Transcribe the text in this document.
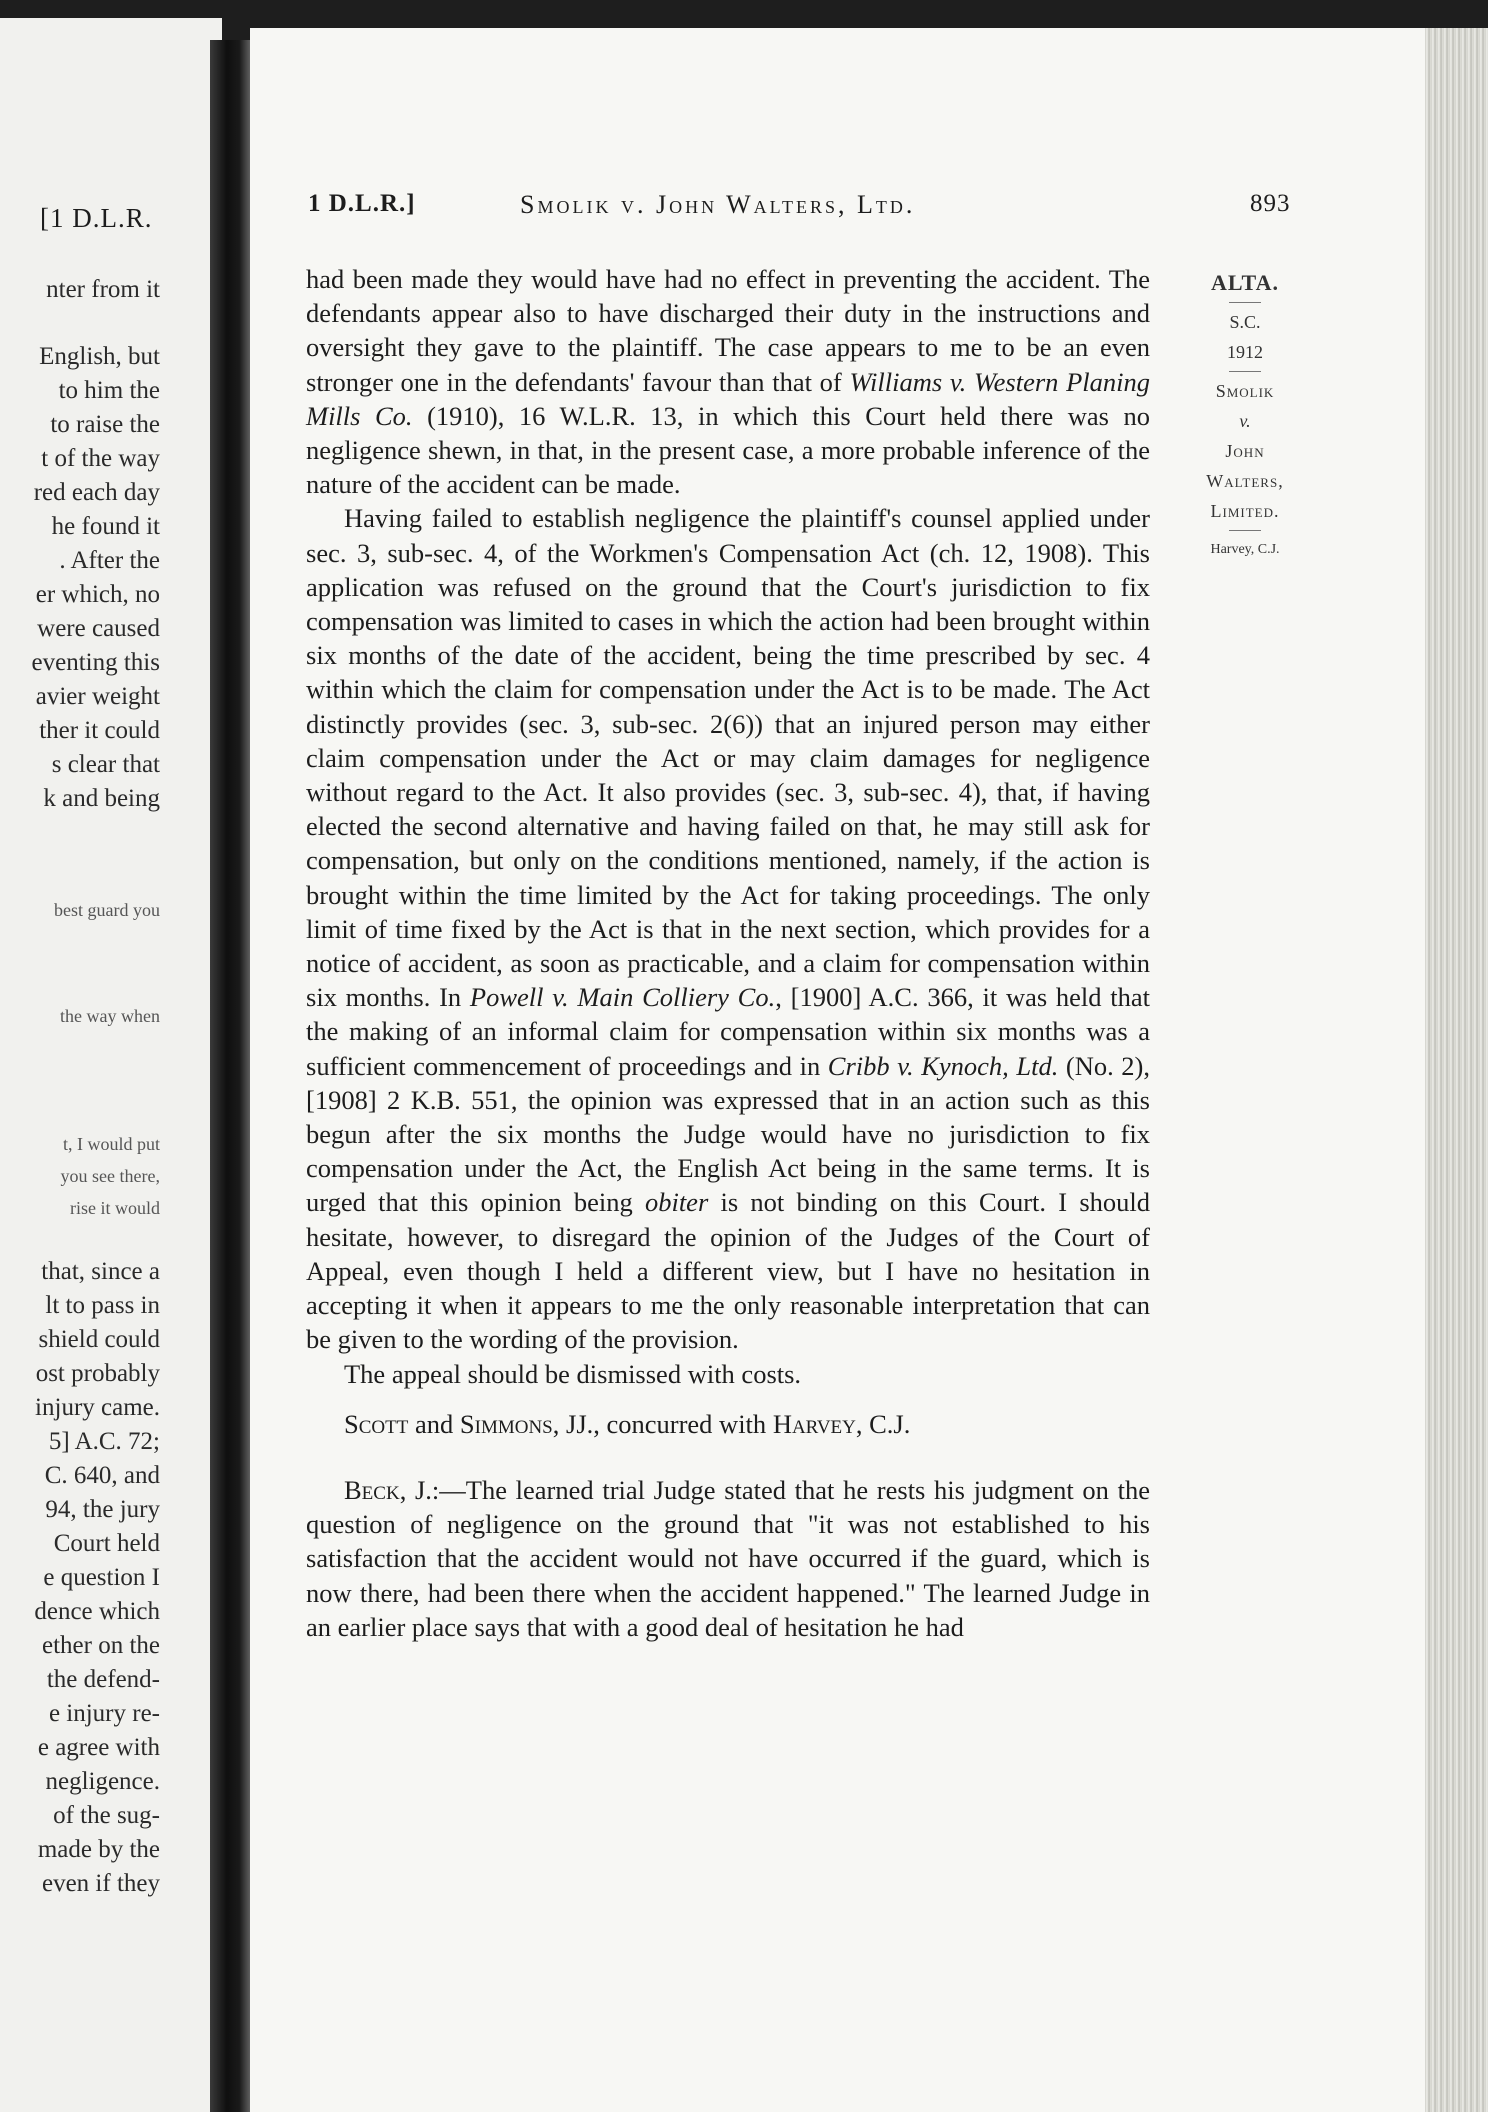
[1 D.L.R.
nter from it
English, but
to him the
to raise the
t of the way
red each day
he found it
. After the
er which, no
were caused
eventing this
avier weight
ther it could
s clear that
k and being
best guard you
the way when
t, I would put
you see there,
rise it would
that, since a
lt to pass in
shield could
ost probably
injury came.
5] A.C. 72;
C. 640, and
94, the jury
Court held
e question I
dence which
ether on the
the defend-
e injury re-
e agree with
negligence.
of the sug-
made by the
even if they
1 D.L.R.]	Smolik v. John Walters, Ltd.	893
ALTA.
S.C.
1912
Smolik
v.
John
Walters,
Limited.
Harvey, C.J.

had been made they would have had no effect in preventing the accident. The defendants appear also to have discharged their duty in the instructions and oversight they gave to the plaintiff. The case appears to me to be an even stronger one in the defendants' favour than that of Williams v. Western Planing Mills Co. (1910), 16 W.L.R. 13, in which this Court held there was no negligence shewn, in that, in the present case, a more probable inference of the nature of the accident can be made.

Having failed to establish negligence the plaintiff's counsel applied under sec. 3, sub-sec. 4, of the Workmen's Compensation Act (ch. 12, 1908). This application was refused on the ground that the Court's jurisdiction to fix compensation was limited to cases in which the action had been brought within six months of the date of the accident, being the time prescribed by sec. 4 within which the claim for compensation under the Act is to be made. The Act distinctly provides (sec. 3, sub-sec. 2(6)) that an injured person may either claim compensation under the Act or may claim damages for negligence without regard to the Act. It also provides (sec. 3, sub-sec. 4), that, if having elected the second alternative and having failed on that, he may still ask for compensation, but only on the conditions mentioned, namely, if the action is brought within the time limited by the Act for taking proceedings. The only limit of time fixed by the Act is that in the next section, which provides for a notice of accident, as soon as practicable, and a claim for compensation within six months. In Powell v. Main Colliery Co., [1900] A.C. 366, it was held that the making of an informal claim for compensation within six months was a sufficient commencement of proceedings and in Cribb v. Kynoch, Ltd. (No. 2), [1908] 2 K.B. 551, the opinion was expressed that in an action such as this begun after the six months the Judge would have no jurisdiction to fix compensation under the Act, the English Act being in the same terms. It is urged that this opinion being obiter is not binding on this Court. I should hesitate, however, to disregard the opinion of the Judges of the Court of Appeal, even though I held a different view, but I have no hesitation in accepting it when it appears to me the only reasonable interpretation that can be given to the wording of the provision.

The appeal should be dismissed with costs.

Scott and Simmons, JJ., concurred with Harvey, C.J.

Beck, J.:—The learned trial Judge stated that he rests his judgment on the question of negligence on the ground that "it was not established to his satisfaction that the accident would not have occurred if the guard, which is now there, had been there when the accident happened." The learned Judge in an earlier place says that with a good deal of hesitation he had
